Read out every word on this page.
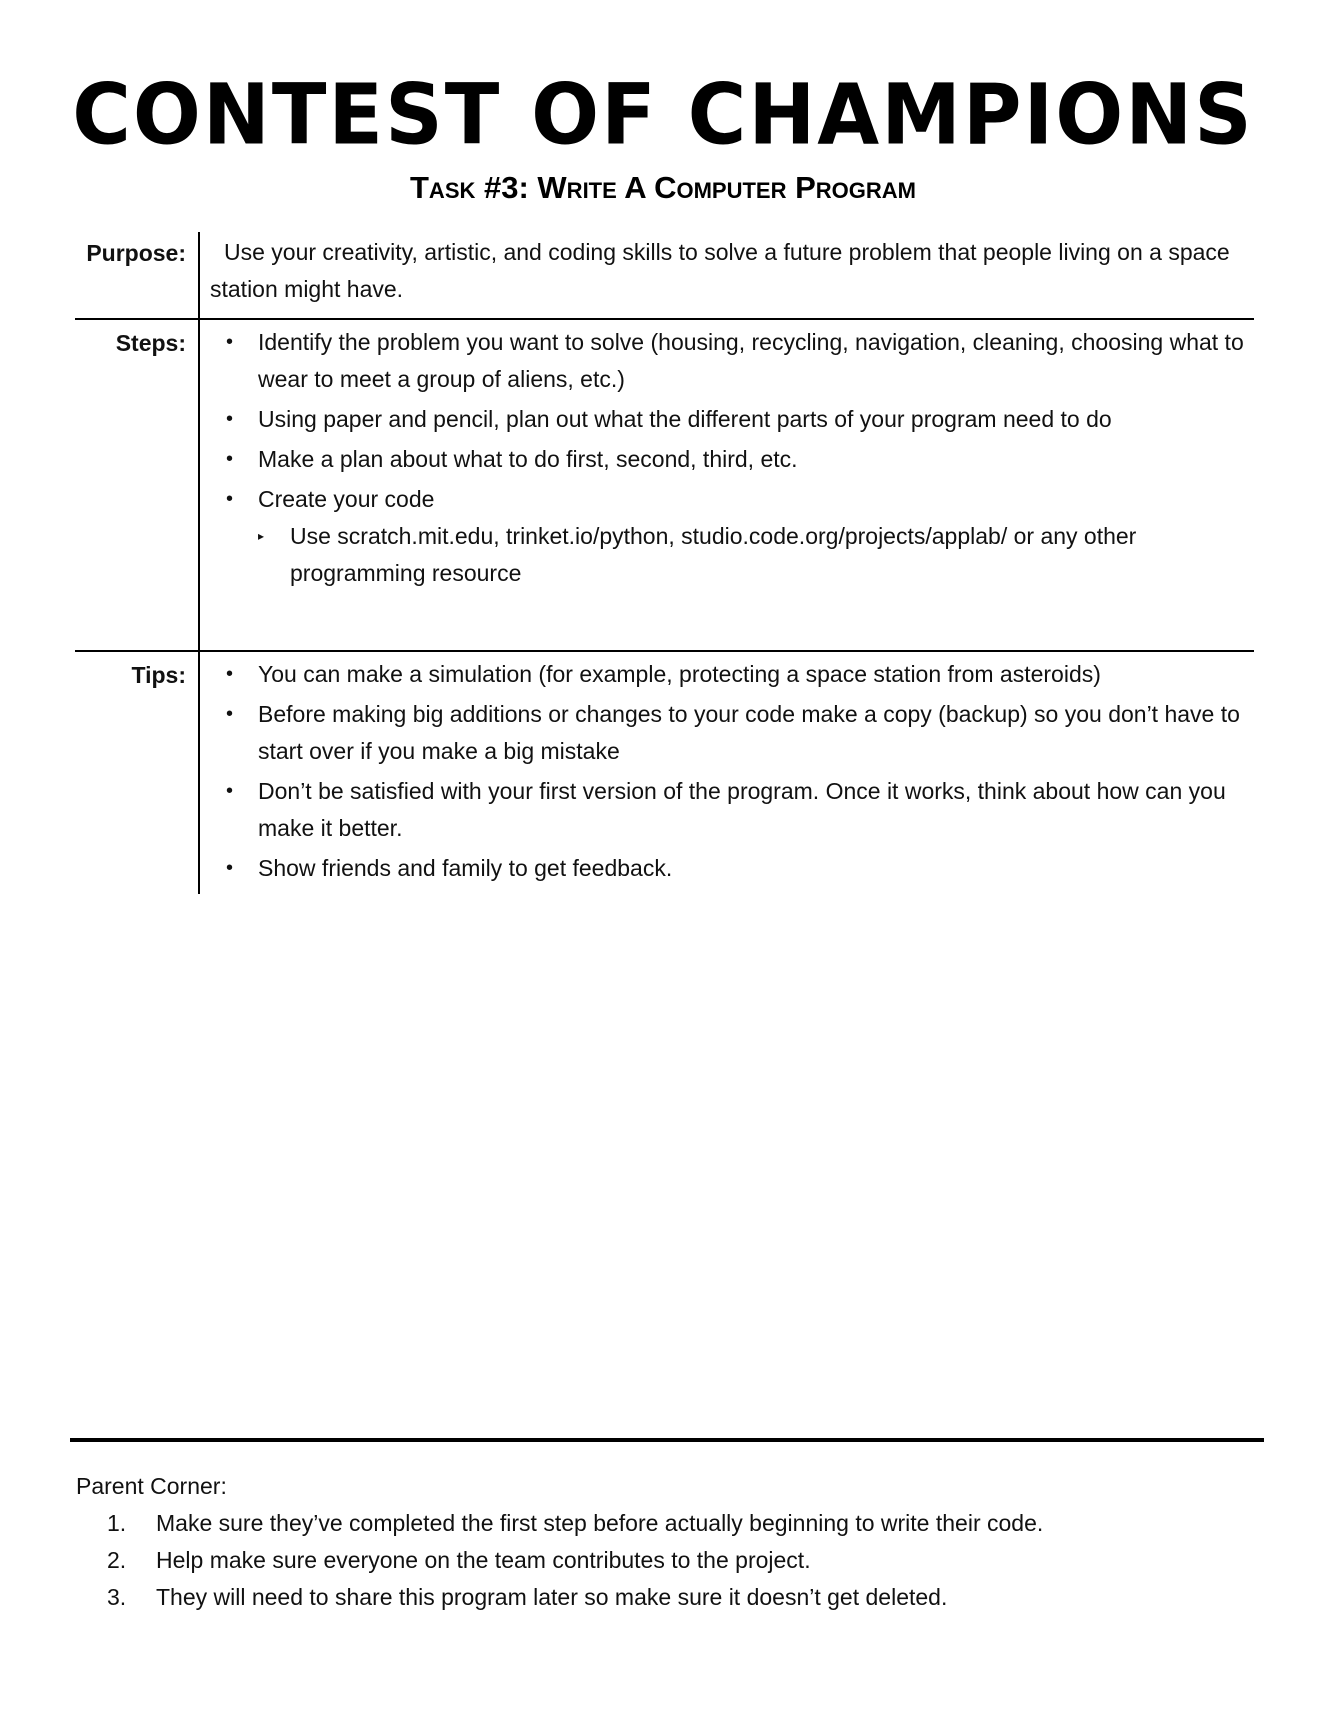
CONTEST OF CHAMPIONS
Task #3: Write A Computer Program
Purpose:	Use your creativity, artistic, and coding skills to solve a future problem that people living on a space station might have.
Steps: •	Identify the problem you want to solve (housing, recycling, navigation, cleaning, choosing what to wear to meet a group of aliens, etc.)
•	Using paper and pencil, plan out what the different parts of your program need to do
•	Make a plan about what to do first, second, third, etc.
•	Create your code
▸ Use scratch.mit.edu, trinket.io/python, studio.code.org/projects/applab/ or any other programming resource
Tips: •	You can make a simulation (for example, protecting a space station from asteroids)
•	Before making big additions or changes to your code make a copy (backup) so you don’t have to start over if you make a big mistake
•	Don’t be satisfied with your first version of the program. Once it works, think about how can you make it better.
•	Show friends and family to get feedback.
Parent Corner:
1. Make sure they’ve completed the first step before actually beginning to write their code.
2. Help make sure everyone on the team contributes to the project.
3. They will need to share this program later so make sure it doesn’t get deleted.
